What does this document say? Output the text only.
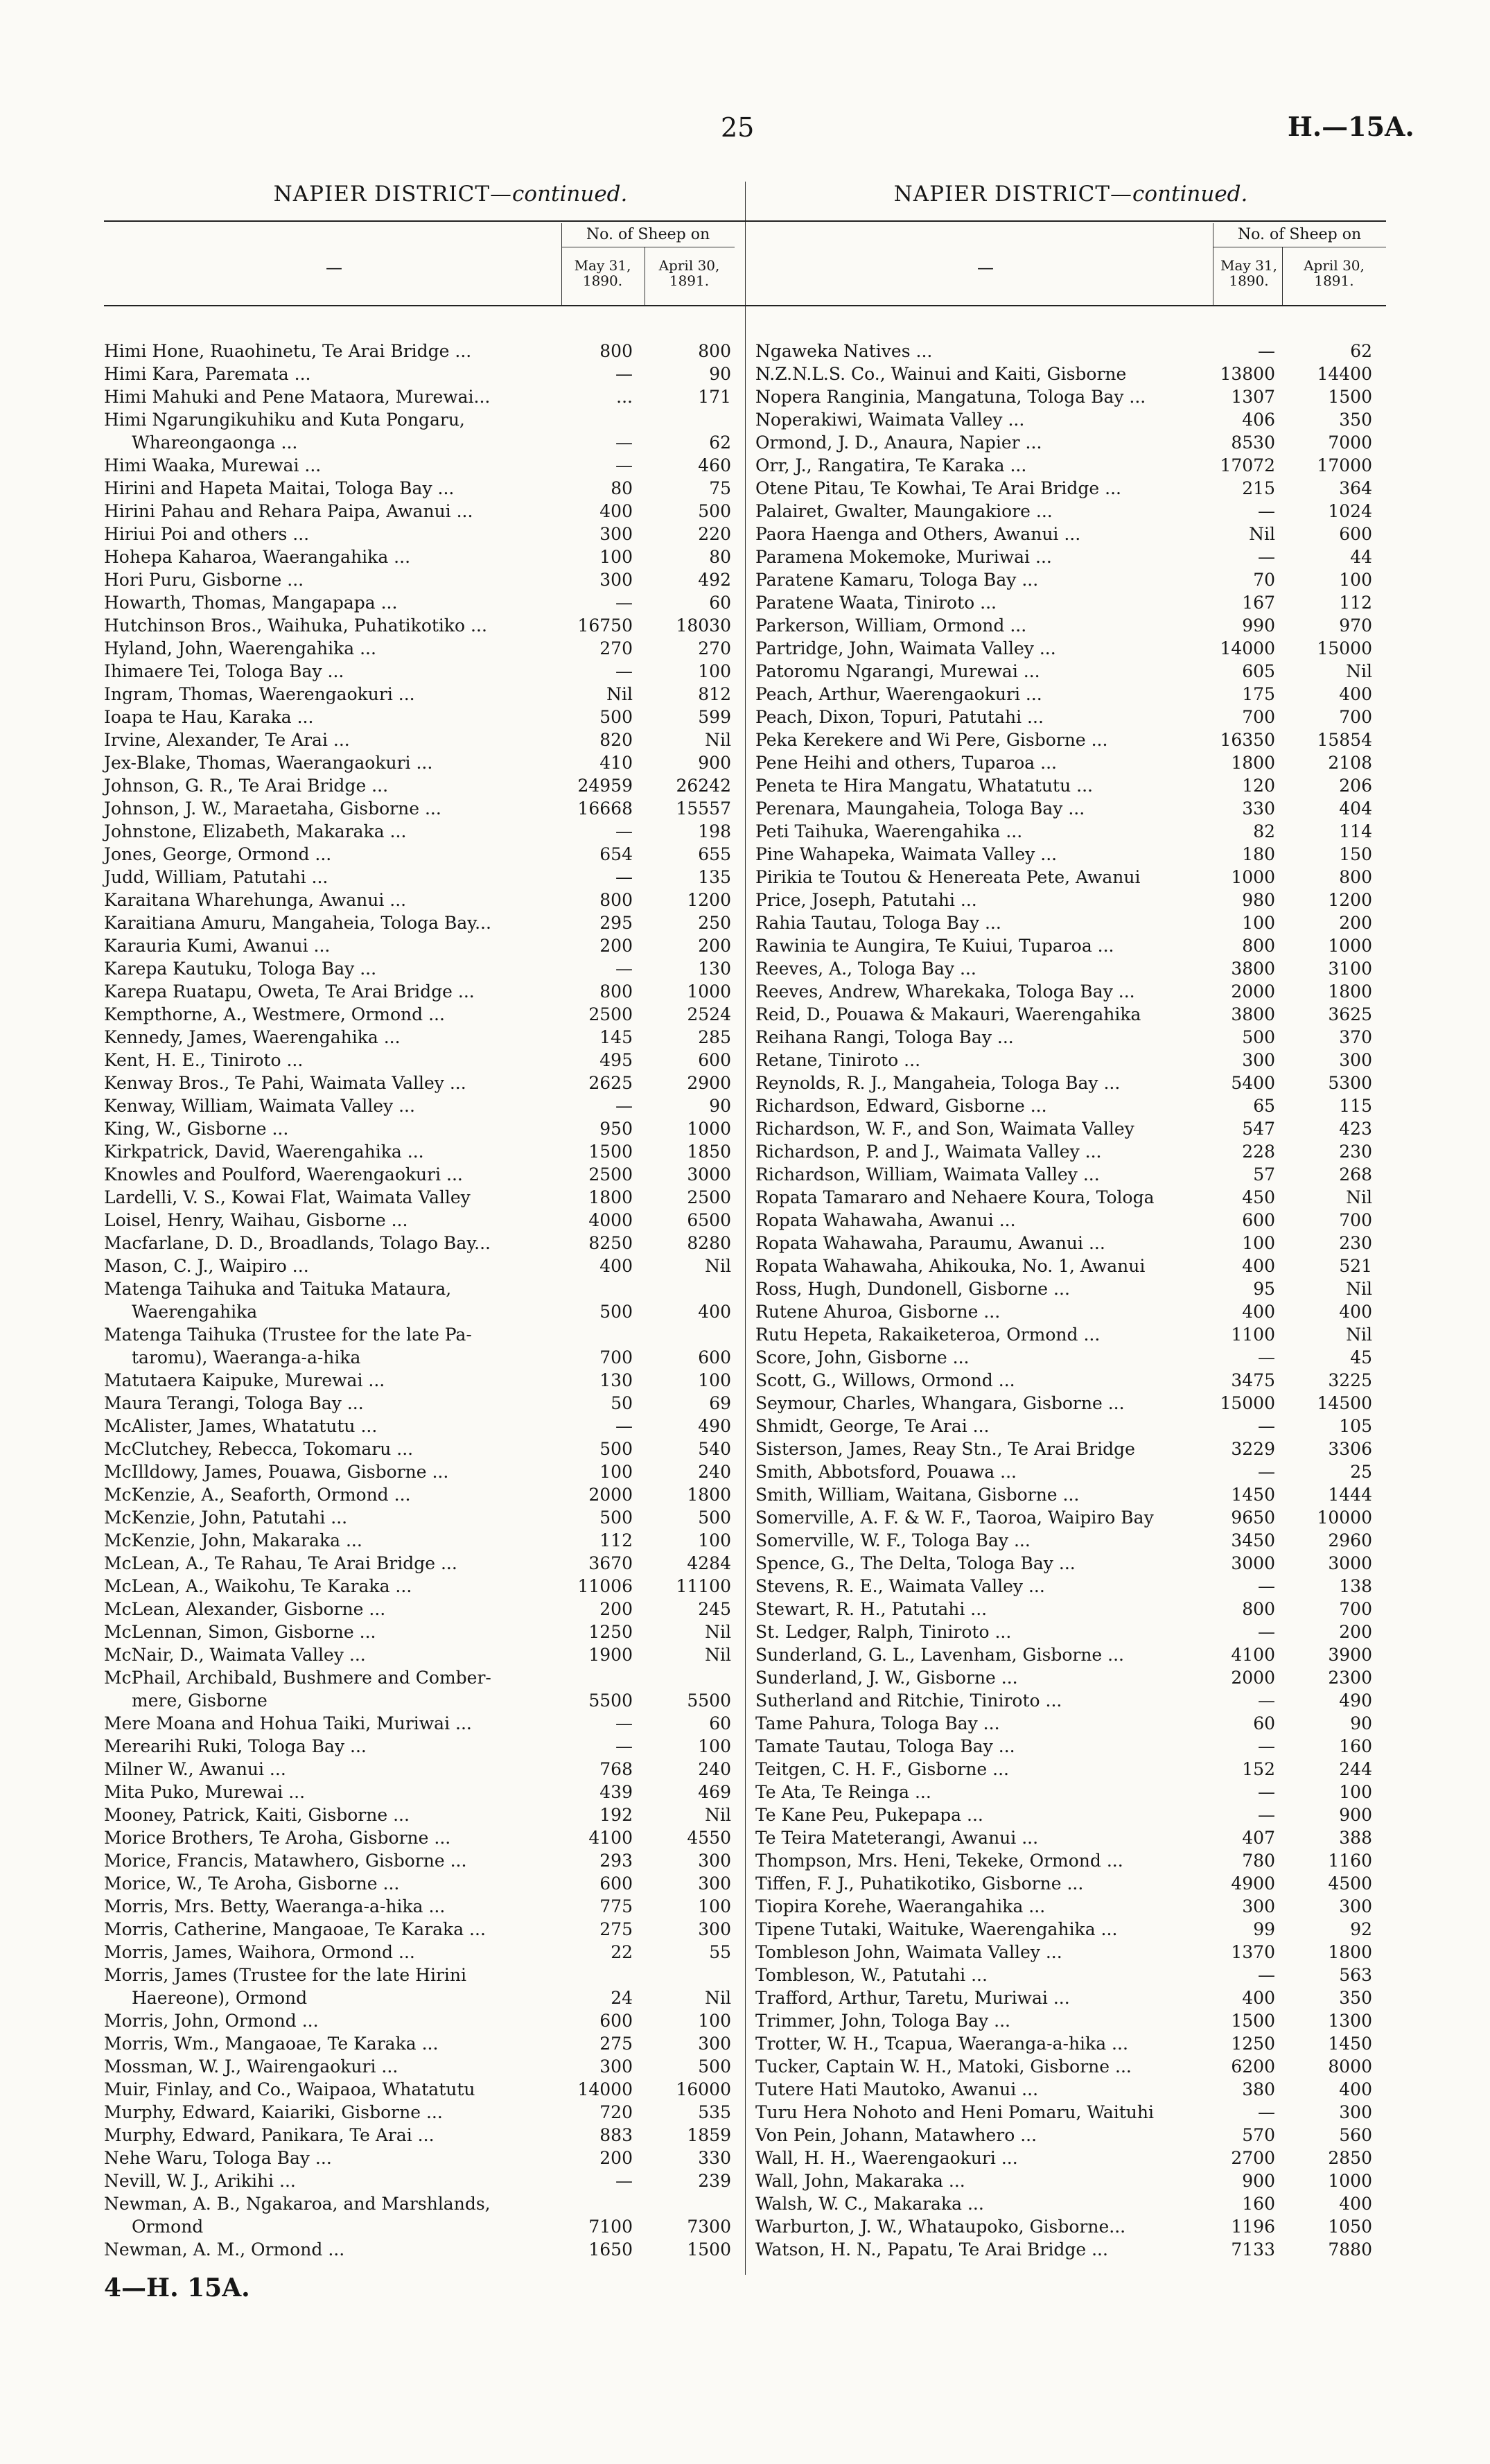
25	H.—15A.
NAPIER DISTRICT—continued.
—
No. of Sheep on
May 31,
1890.
April 30,
1891.
Himi Hone, Ruaohinetu, Te Arai Bridge ...	800	800
Himi Kara, Paremata ...	—	90
Himi Mahuki and Pene Mataora, Murewai...	...	171
Himi Ngarungikuhiku and Kuta Pongaru,
Whareongaonga ...	—	62
Himi Waaka, Murewai ...	—	460
Hirini and Hapeta Maitai, Tologa Bay ...	80	75
Hirini Pahau and Rehara Paipa, Awanui ...	400	500
Hiriui Poi and others ...	300	220
Hohepa Kaharoa, Waerangahika ...	100	80
Hori Puru, Gisborne ...	300	492
Howarth, Thomas, Mangapapa ...	—	60
Hutchinson Bros., Waihuka, Puhatikotiko ...	16750	18030
Hyland, John, Waerengahika ...	270	270
Ihimaere Tei, Tologa Bay ...	—	100
Ingram, Thomas, Waerengaokuri ...	Nil	812
Ioapa te Hau, Karaka ...	500	599
Irvine, Alexander, Te Arai ...	820	Nil
Jex-Blake, Thomas, Waerangaokuri ...	410	900
Johnson, G. R., Te Arai Bridge ...	24959	26242
Johnson, J. W., Maraetaha, Gisborne ...	16668	15557
Johnstone, Elizabeth, Makaraka ...	—	198
Jones, George, Ormond ...	654	655
Judd, William, Patutahi ...	—	135
Karaitana Wharehunga, Awanui ...	800	1200
Karaitiana Amuru, Mangaheia, Tologa Bay...	295	250
Karauria Kumi, Awanui ...	200	200
Karepa Kautuku, Tologa Bay ...	—	130
Karepa Ruatapu, Oweta, Te Arai Bridge ...	800	1000
Kempthorne, A., Westmere, Ormond ...	2500	2524
Kennedy, James, Waerengahika ...	145	285
Kent, H. E., Tiniroto ...	495	600
Kenway Bros., Te Pahi, Waimata Valley ...	2625	2900
Kenway, William, Waimata Valley ...	—	90
King, W., Gisborne ...	950	1000
Kirkpatrick, David, Waerengahika ...	1500	1850
Knowles and Poulford, Waerengaokuri ...	2500	3000
Lardelli, V. S., Kowai Flat, Waimata Valley	1800	2500
Loisel, Henry, Waihau, Gisborne ...	4000	6500
Macfarlane, D. D., Broadlands, Tolago Bay...	8250	8280
Mason, C. J., Waipiro ...	400	Nil
Matenga Taihuka and Taituka Mataura,
Waerengahika	500	400
Matenga Taihuka (Trustee for the late Pa-
taromu), Waeranga-a-hika	700	600
Matutaera Kaipuke, Murewai ...	130	100
Maura Terangi, Tologa Bay ...	50	69
McAlister, James, Whatatutu ...	—	490
McClutchey, Rebecca, Tokomaru ...	500	540
McIlldowy, James, Pouawa, Gisborne ...	100	240
McKenzie, A., Seaforth, Ormond ...	2000	1800
McKenzie, John, Patutahi ...	500	500
McKenzie, John, Makaraka ...	112	100
McLean, A., Te Rahau, Te Arai Bridge ...	3670	4284
McLean, A., Waikohu, Te Karaka ...	11006	11100
McLean, Alexander, Gisborne ...	200	245
McLennan, Simon, Gisborne ...	1250	Nil
McNair, D., Waimata Valley ...	1900	Nil
McPhail, Archibald, Bushmere and Comber-
mere, Gisborne	5500	5500
Mere Moana and Hohua Taiki, Muriwai ...	—	60
Merearihi Ruki, Tologa Bay ...	—	100
Milner W., Awanui ...	768	240
Mita Puko, Murewai ...	439	469
Mooney, Patrick, Kaiti, Gisborne ...	192	Nil
Morice Brothers, Te Aroha, Gisborne ...	4100	4550
Morice, Francis, Matawhero, Gisborne ...	293	300
Morice, W., Te Aroha, Gisborne ...	600	300
Morris, Mrs. Betty, Waeranga-a-hika ...	775	100
Morris, Catherine, Mangaoae, Te Karaka ...	275	300
Morris, James, Waihora, Ormond ...	22	55
Morris, James (Trustee for the late Hirini
Haereone), Ormond	24	Nil
Morris, John, Ormond ...	600	100
Morris, Wm., Mangaoae, Te Karaka ...	275	300
Mossman, W. J., Wairengaokuri ...	300	500
Muir, Finlay, and Co., Waipaoa, Whatatutu	14000	16000
Murphy, Edward, Kaiariki, Gisborne ...	720	535
Murphy, Edward, Panikara, Te Arai ...	883	1859
Nehe Waru, Tologa Bay ...	200	330
Nevill, W. J., Arikihi ...	—	239
Newman, A. B., Ngakaroa, and Marshlands,
Ormond	7100	7300
Newman, A. M., Ormond ...	1650	1500
NAPIER DISTRICT—continued.
—
No. of Sheep on
May 31,
1890.
April 30,
1891.
Ngaweka Natives ...	—	62
N.Z.N.L.S. Co., Wainui and Kaiti, Gisborne	13800	14400
Nopera Ranginia, Mangatuna, Tologa Bay ...	1307	1500
Noperakiwi, Waimata Valley ...	406	350
Ormond, J. D., Anaura, Napier ...	8530	7000
Orr, J., Rangatira, Te Karaka ...	17072	17000
Otene Pitau, Te Kowhai, Te Arai Bridge ...	215	364
Palairet, Gwalter, Maungakiore ...	—	1024
Paora Haenga and Others, Awanui ...	Nil	600
Paramena Mokemoke, Muriwai ...	—	44
Paratene Kamaru, Tologa Bay ...	70	100
Paratene Waata, Tiniroto ...	167	112
Parkerson, William, Ormond ...	990	970
Partridge, John, Waimata Valley ...	14000	15000
Patoromu Ngarangi, Murewai ...	605	Nil
Peach, Arthur, Waerengaokuri ...	175	400
Peach, Dixon, Topuri, Patutahi ...	700	700
Peka Kerekere and Wi Pere, Gisborne ...	16350	15854
Pene Heihi and others, Tuparoa ...	1800	2108
Peneta te Hira Mangatu, Whatatutu ...	120	206
Perenara, Maungaheia, Tologa Bay ...	330	404
Peti Taihuka, Waerengahika ...	82	114
Pine Wahapeka, Waimata Valley ...	180	150
Pirikia te Toutou & Henereata Pete, Awanui	1000	800
Price, Joseph, Patutahi ...	980	1200
Rahia Tautau, Tologa Bay ...	100	200
Rawinia te Aungira, Te Kuiui, Tuparoa ...	800	1000
Reeves, A., Tologa Bay ...	3800	3100
Reeves, Andrew, Wharekaka, Tologa Bay ...	2000	1800
Reid, D., Pouawa & Makauri, Waerengahika	3800	3625
Reihana Rangi, Tologa Bay ...	500	370
Retane, Tiniroto ...	300	300
Reynolds, R. J., Mangaheia, Tologa Bay ...	5400	5300
Richardson, Edward, Gisborne ...	65	115
Richardson, W. F., and Son, Waimata Valley	547	423
Richardson, P. and J., Waimata Valley ...	228	230
Richardson, William, Waimata Valley ...	57	268
Ropata Tamararo and Nehaere Koura, Tologa	450	Nil
Ropata Wahawaha, Awanui ...	600	700
Ropata Wahawaha, Paraumu, Awanui ...	100	230
Ropata Wahawaha, Ahikouka, No. 1, Awanui	400	521
Ross, Hugh, Dundonell, Gisborne ...	95	Nil
Rutene Ahuroa, Gisborne ...	400	400
Rutu Hepeta, Rakaiketeroa, Ormond ...	1100	Nil
Score, John, Gisborne ...	—	45
Scott, G., Willows, Ormond ...	3475	3225
Seymour, Charles, Whangara, Gisborne ...	15000	14500
Shmidt, George, Te Arai ...	—	105
Sisterson, James, Reay Stn., Te Arai Bridge	3229	3306
Smith, Abbotsford, Pouawa ...	—	25
Smith, William, Waitana, Gisborne ...	1450	1444
Somerville, A. F. & W. F., Taoroa, Waipiro Bay	9650	10000
Somerville, W. F., Tologa Bay ...	3450	2960
Spence, G., The Delta, Tologa Bay ...	3000	3000
Stevens, R. E., Waimata Valley ...	—	138
Stewart, R. H., Patutahi ...	800	700
St. Ledger, Ralph, Tiniroto ...	—	200
Sunderland, G. L., Lavenham, Gisborne ...	4100	3900
Sunderland, J. W., Gisborne ...	2000	2300
Sutherland and Ritchie, Tiniroto ...	—	490
Tame Pahura, Tologa Bay ...	60	90
Tamate Tautau, Tologa Bay ...	—	160
Teitgen, C. H. F., Gisborne ...	152	244
Te Ata, Te Reinga ...	—	100
Te Kane Peu, Pukepapa ...	—	900
Te Teira Mateterangi, Awanui ...	407	388
Thompson, Mrs. Heni, Tekeke, Ormond ...	780	1160
Tiffen, F. J., Puhatikotiko, Gisborne ...	4900	4500
Tiopira Korehe, Waerangahika ...	300	300
Tipene Tutaki, Waituke, Waerengahika ...	99	92
Tombleson John, Waimata Valley ...	1370	1800
Tombleson, W., Patutahi ...	—	563
Trafford, Arthur, Taretu, Muriwai ...	400	350
Trimmer, John, Tologa Bay ...	1500	1300
Trotter, W. H., Tcapua, Waeranga-a-hika ...	1250	1450
Tucker, Captain W. H., Matoki, Gisborne ...	6200	8000
Tutere Hati Mautoko, Awanui ...	380	400
Turu Hera Nohoto and Heni Pomaru, Waituhi	—	300
Von Pein, Johann, Matawhero ...	570	560
Wall, H. H., Waerengaokuri ...	2700	2850
Wall, John, Makaraka ...	900	1000
Walsh, W. C., Makaraka ...	160	400
Warburton, J. W., Whataupoko, Gisborne...	1196	1050
Watson, H. N., Papatu, Te Arai Bridge ...	7133	7880
4—H. 15A.
